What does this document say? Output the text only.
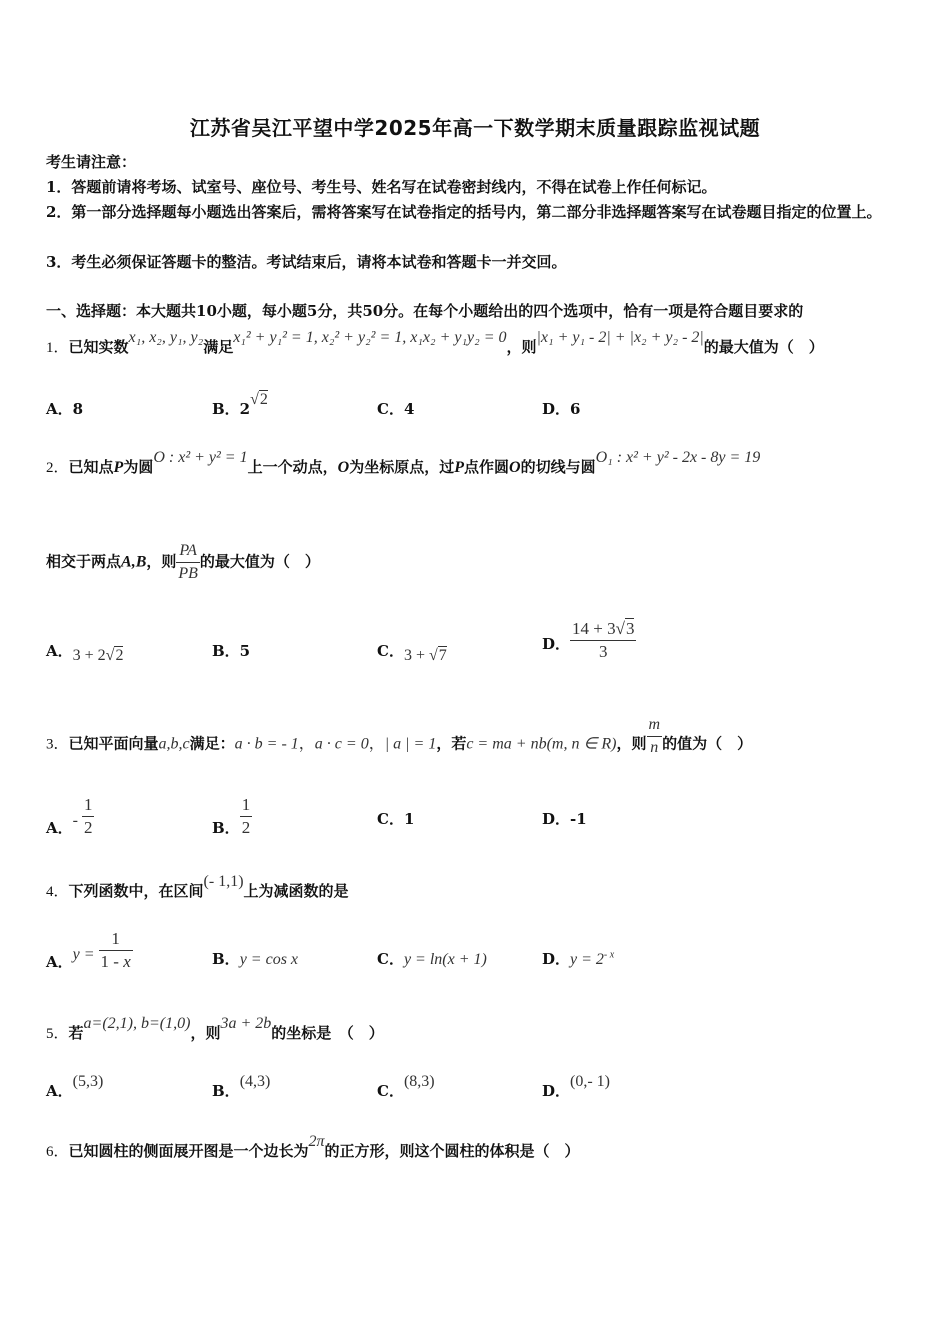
江苏省吴江平望中学2025年高一下数学期末质量跟踪监视试题
考生请注意：
1．答题前请将考场、试室号、座位号、考生号、姓名写在试卷密封线内，不得在试卷上作任何标记。
2．第一部分选择题每小题选出答案后，需将答案写在试卷指定的括号内，第二部分非选择题答案写在试卷题目指定的位置上。
3．考生必须保证答题卡的整洁。考试结束后，请将本试卷和答题卡一并交回。
一、选择题：本大题共10小题，每小题5分，共50分。在每个小题给出的四个选项中，恰有一项是符合题目要求的
1．已知实数x₁, x₂, y₁, y₂满足x₁² + y₁² = 1, x₂² + y₂² = 1, x₁x₂ + y₁y₂ = 0，则|x₁ + y₁ - 2| + |x₂ + y₂ - 2|的最大值为（　）
A．8	B．2√2
C．4	D．6
2．已知点P为圆O : x² + y² = 1上一个动点，O为坐标原点，过P点作圆O的切线与圆O₁ : x² + y² - 2x - 8y = 19
相交于两点A,B，则 $\frac{PA}{PB}$ 的最大值为（　）
A．3 + 2√2	B．5	C．3 + √7
D． $\frac{14 + 3√3}{3}$
3．已知平面向量a,b,c满足：a · b = - 1，a · c = 0，| a | = 1，若c = ma + nb(m, n ∈ R)，则 $\frac{m}{n}$ 的值为（　）
A．- $\frac{1}{2}$	B． $\frac{1}{2}$	C．1	D．-1
4．下列函数中，在区间(- 1,1)上为减函数的是
A．$y = \frac{1}{1 - x}$	B．y = cos x	C．y = ln(x + 1)	D．$y = 2^{- x}$
5．若a=(2,1), b=(1,0)，则3a + 2b的坐标是　（　）
A．(5,3)
B．(4,3)
C．(8,3)
D．(0,- 1)
6．已知圆柱的侧面展开图是一个边长为2π的正方形，则这个圆柱的体积是（　）
